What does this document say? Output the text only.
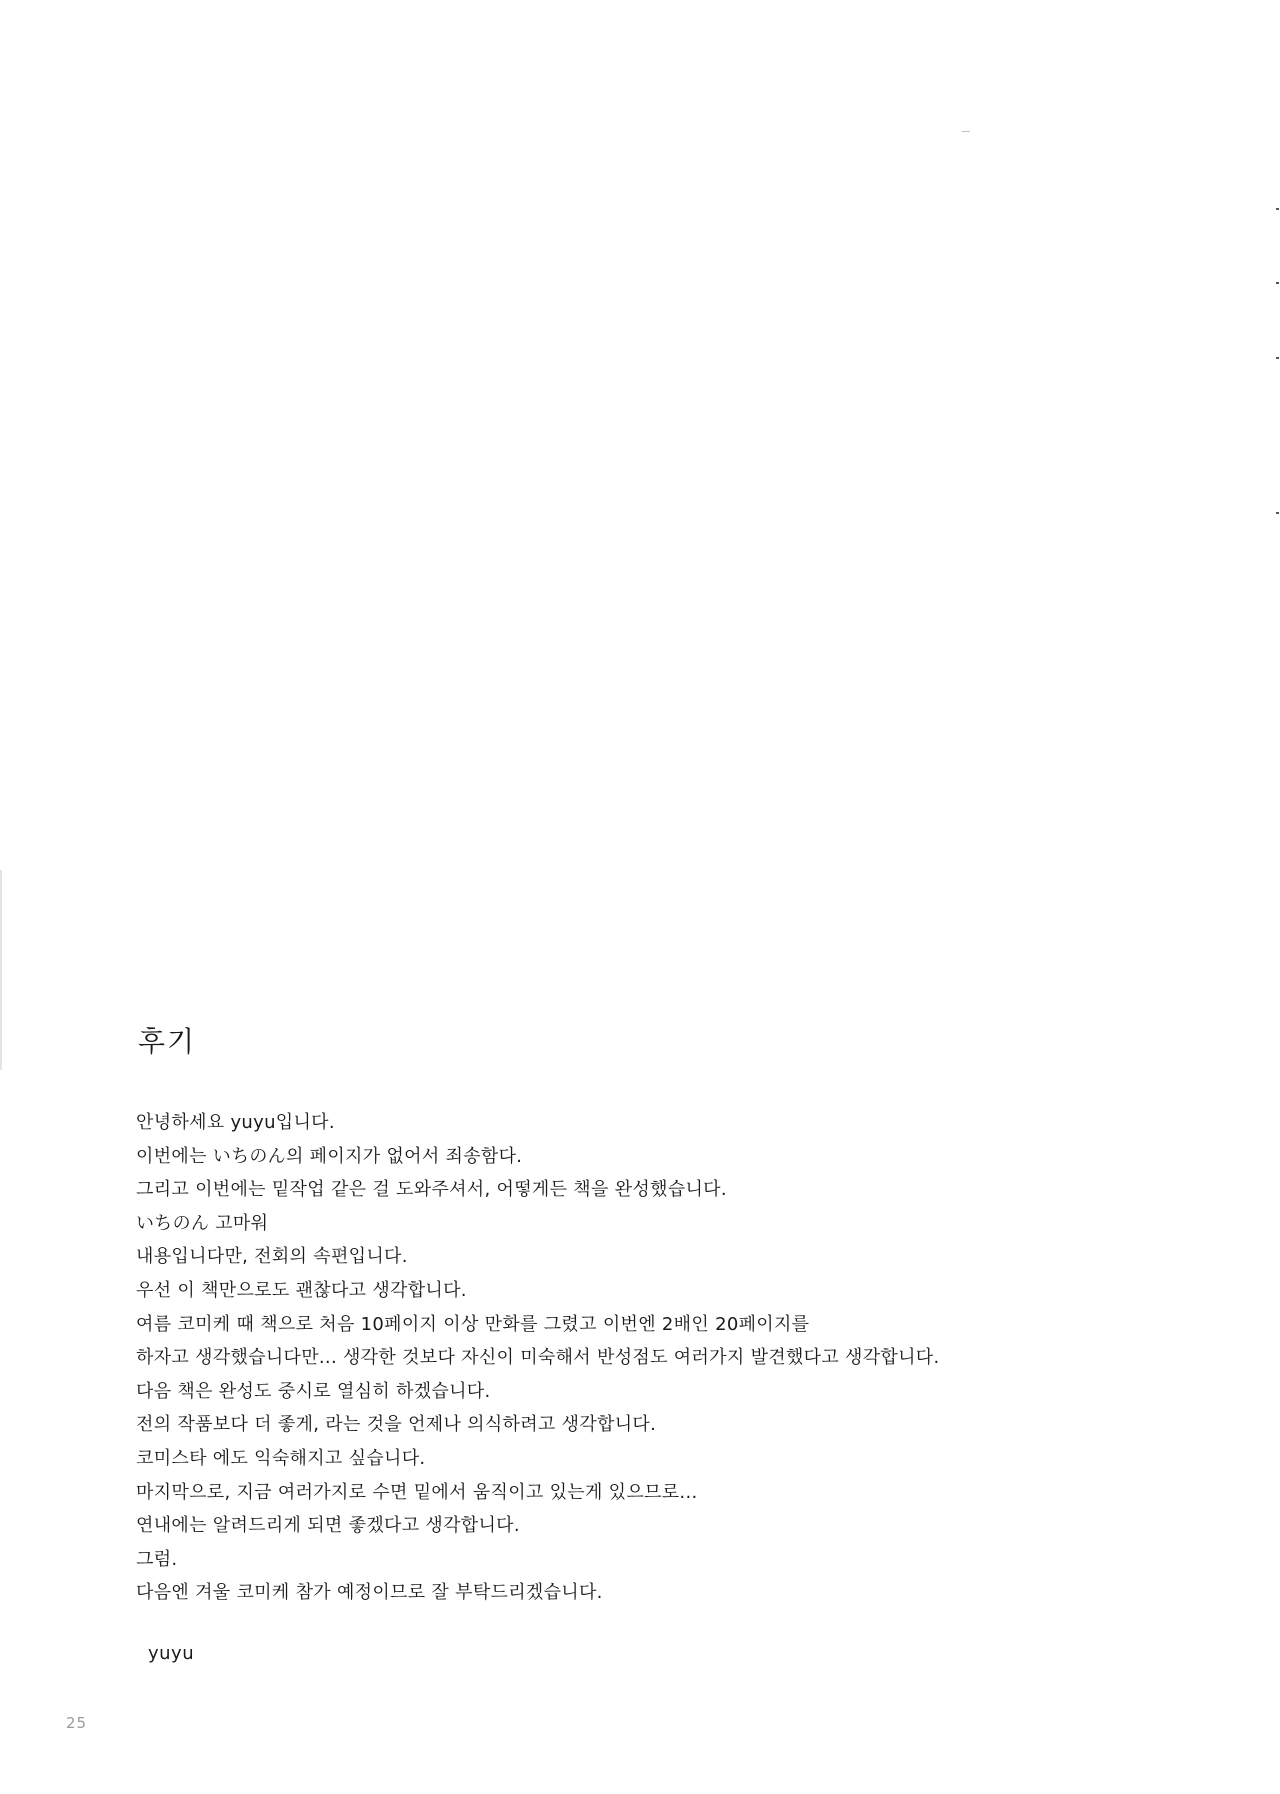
후기
안녕하세요 yuyu입니다.
이번에는 いちのん의 페이지가 없어서 죄송함다.
그리고 이번에는 밑작업 같은 걸 도와주셔서, 어떻게든 책을 완성했습니다.
いちのん 고마워
내용입니다만, 전회의 속편입니다.
우선 이 책만으로도 괜찮다고 생각합니다.
여름 코미케 때 책으로 처음 10페이지 이상 만화를 그렸고 이번엔 2배인 20페이지를
하자고 생각했습니다만... 생각한 것보다 자신이 미숙해서 반성점도 여러가지 발견했다고 생각합니다.
다음 책은 완성도 중시로 열심히 하겠습니다.
전의 작품보다 더 좋게, 라는 것을 언제나 의식하려고 생각합니다.
코미스타 에도 익숙해지고 싶습니다.
마지막으로, 지금 여러가지로 수면 밑에서 움직이고 있는게 있으므로...
연내에는 알려드리게 되면 좋겠다고 생각합니다.
그럼.
다음엔 겨울 코미케 참가 예정이므로 잘 부탁드리겠습니다.
yuyu
25
